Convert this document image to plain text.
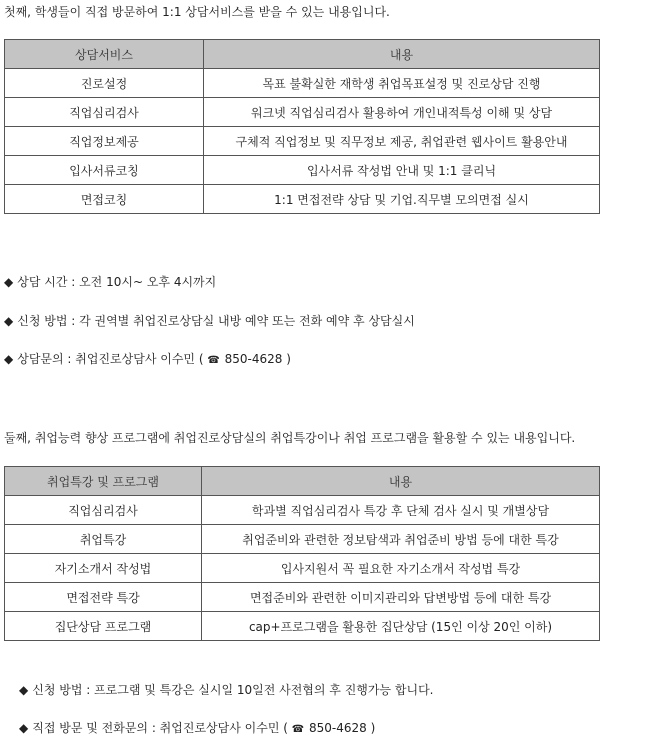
첫째, 학생들이 직접 방문하여 1:1 상담서비스를 받을 수 있는 내용입니다.
상담서비스	내용
진로설정	목표 불확실한 재학생 취업목표설정 및 진로상담 진행
직업심리검사	워크넷 직업심리검사 활용하여 개인내적특성 이해 및 상담
직업정보제공	구체적 직업정보 및 직무정보 제공, 취업관련 웹사이트 활용안내
입사서류코칭	입사서류 작성법 안내 및 1:1 클리닉
면접코칭	1:1 면접전략 상담 및 기업.직무별 모의면접 실시
◆ 상담 시간 : 오전 10시~ 오후 4시까지
◆ 신청 방법 : 각 권역별 취업진로상담실 내방 예약 또는 전화 예약 후 상담실시
◆ 상담문의 : 취업진로상담사 이수민 ( ☎ 850-4628 )
둘째, 취업능력 향상 프로그램에 취업진로상담실의 취업특강이나 취업 프로그램을 활용할 수 있는 내용입니다.
취업특강 및 프로그램	내용
직업심리검사	학과별 직업심리검사 특강 후 단체 검사 실시 및 개별상담
취업특강	취업준비와 관련한 정보탐색과 취업준비 방법 등에 대한 특강
자기소개서 작성법	입사지원서 꼭 필요한 자기소개서 작성법 특강
면접전략 특강	면접준비와 관련한 이미지관리와 답변방법 등에 대한 특강
집단상담 프로그램	cap+프로그램을 활용한 집단상담 (15인 이상 20인 이하)
◆ 신청 방법 : 프로그램 및 특강은 실시일 10일전 사전협의 후 진행가능 합니다.
◆ 직접 방문 및 전화문의 : 취업진로상담사 이수민 ( ☎ 850-4628 )
